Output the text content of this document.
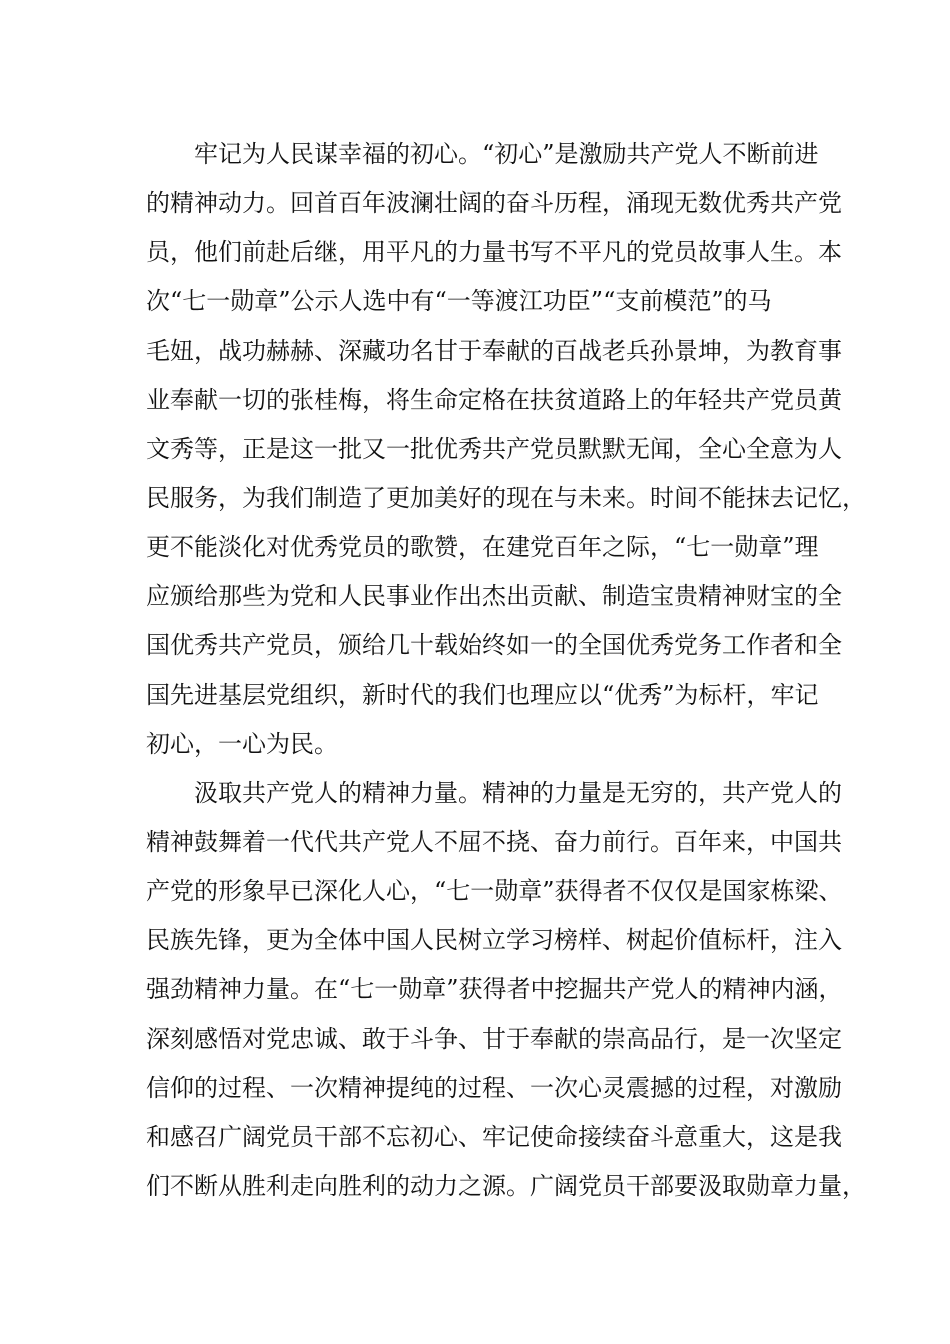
牢记为人民谋幸福的初心。“初心”是激励共产党人不断前进
的精神动力。回首百年波澜壮阔的奋斗历程，涌现无数优秀共产党
员，他们前赴后继，用平凡的力量书写不平凡的党员故事人生。本
次“七一勋章”公示人选中有“一等渡江功臣”“支前模范”的马
毛妞，战功赫赫、深藏功名甘于奉献的百战老兵孙景坤，为教育事
业奉献一切的张桂梅，将生命定格在扶贫道路上的年轻共产党员黄
文秀等，正是这一批又一批优秀共产党员默默无闻，全心全意为人
民服务，为我们制造了更加美好的现在与未来。时间不能抹去记忆，
更不能淡化对优秀党员的歌赞，在建党百年之际，“七一勋章”理
应颁给那些为党和人民事业作出杰出贡献、制造宝贵精神财宝的全
国优秀共产党员，颁给几十载始终如一的全国优秀党务工作者和全
国先进基层党组织，新时代的我们也理应以“优秀”为标杆，牢记
初心，一心为民。
汲取共产党人的精神力量。精神的力量是无穷的，共产党人的
精神鼓舞着一代代共产党人不屈不挠、奋力前行。百年来，中国共
产党的形象早已深化人心，“七一勋章”获得者不仅仅是国家栋梁、
民族先锋，更为全体中国人民树立学习榜样、树起价值标杆，注入
强劲精神力量。在“七一勋章”获得者中挖掘共产党人的精神内涵，
深刻感悟对党忠诚、敢于斗争、甘于奉献的崇高品行，是一次坚定
信仰的过程、一次精神提纯的过程、一次心灵震撼的过程，对激励
和感召广阔党员干部不忘初心、牢记使命接续奋斗意重大，这是我
们不断从胜利走向胜利的动力之源。广阔党员干部要汲取勋章力量，
